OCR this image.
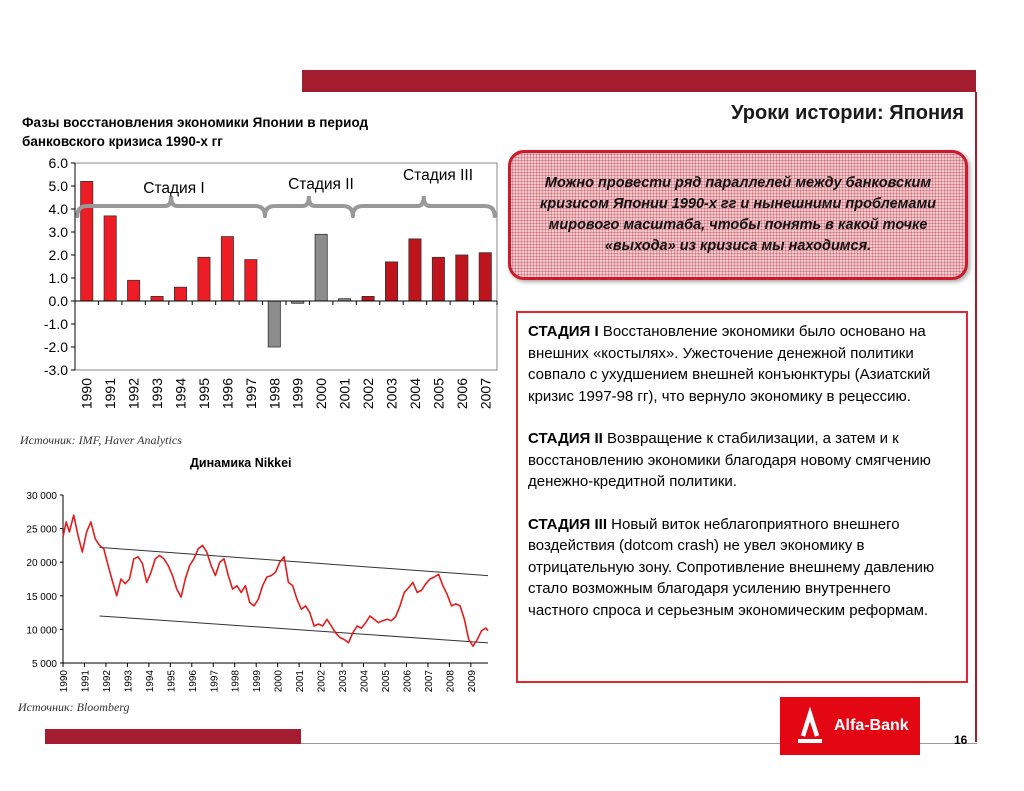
Уроки истории: Япония
Фазы восстановления экономики Японии в период банковского кризиса 1990-х гг
6.0
5.0
4.0
3.0
2.0
1.0
0.0
-1.0
-2.0
-3.0
1990 1991 1992 1993 1994 1995 1996 1997 1998 1999 2000 2001 2002 2003 2004 2005 2006 2007
Стадия I	Стадия II
Стадия III
Источник: IMF, Haver Analytics
Динамика Nikkei
30 000
25 000
20 000
15 000
10 000
5 000
1990 1991 1992 1993 1994 1995 1996 1997 1998 1999 2000 2001 2002 2003 2004 2005 2006 2007 2008 2009
Источник: Bloomberg
Можно провести ряд параллелей между банковским кризисом Японии 1990-х гг и нынешними проблемами мирового масштаба, чтобы понять в какой точке «выхода» из кризиса мы находимся.
СТАДИЯ I Восстановление экономики было основано на внешних «костылях». Ужесточение денежной политики совпало с ухудшением внешней конъюнктуры (Азиатский кризис 1997-98 гг), что вернуло экономику в рецессию.
СТАДИЯ II Возвращение к стабилизации, а затем и к восстановлению экономики благодаря новому смягчению денежно-кредитной политики.
СТАДИЯ III Новый виток неблагоприятного внешнего воздействия (dotcom crash) не увел экономику в отрицательную зону. Сопротивление внешнему давлению стало возможным благодаря усилению внутреннего частного спроса и серьезным экономическим реформам.
Alfa-Bank
16
